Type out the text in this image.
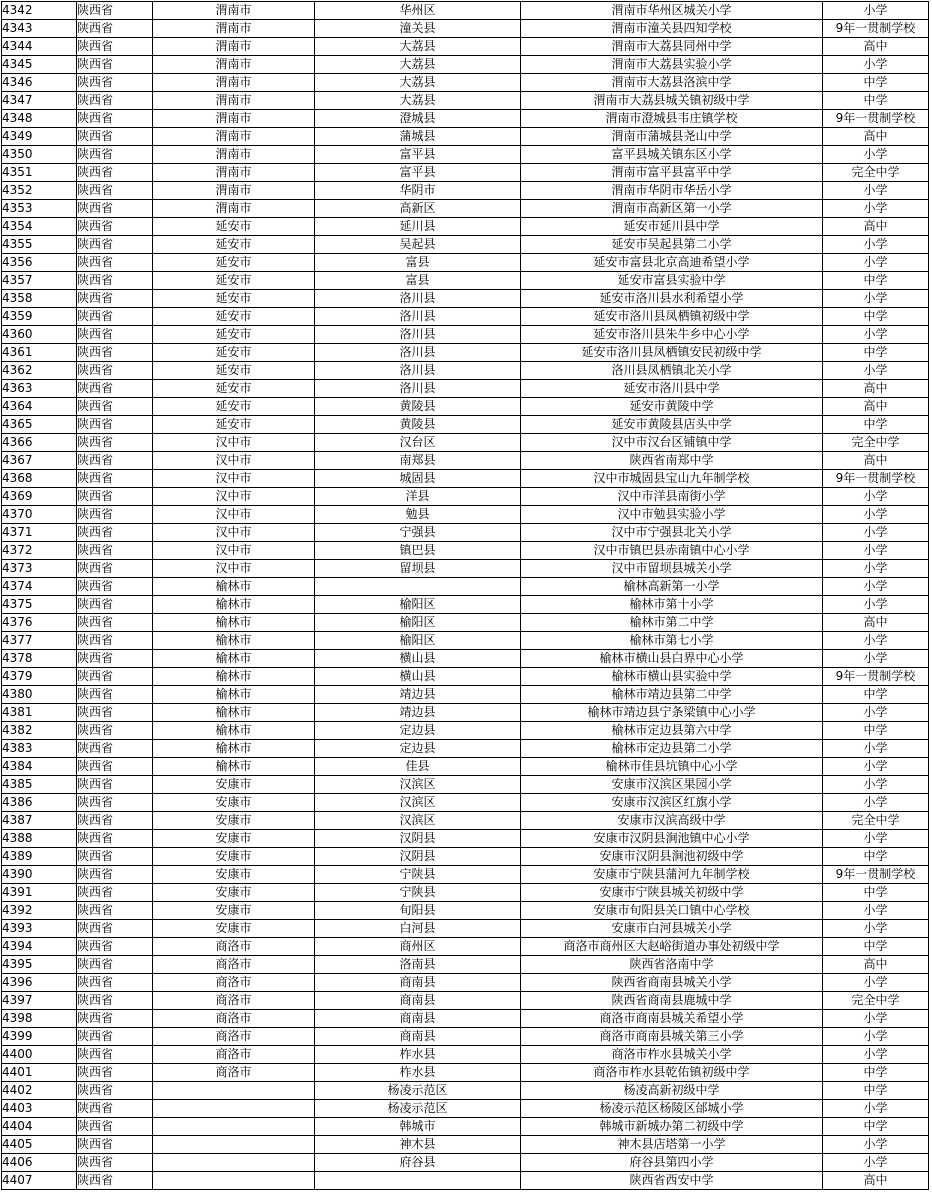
4342	陕西省	渭南市	华州区	渭南市华州区城关小学	小学
4343	陕西省	渭南市	潼关县	渭南市潼关县四知学校	9年一贯制学校
4344	陕西省	渭南市	大荔县	渭南市大荔县同州中学	高中
4345	陕西省	渭南市	大荔县	渭南市大荔县实验小学	小学
4346	陕西省	渭南市	大荔县	渭南市大荔县洛滨中学	中学
4347	陕西省	渭南市	大荔县	渭南市大荔县城关镇初级中学	中学
4348	陕西省	渭南市	澄城县	渭南市澄城县韦庄镇学校	9年一贯制学校
4349	陕西省	渭南市	蒲城县	渭南市蒲城县尧山中学	高中
4350	陕西省	渭南市	富平县	富平县城关镇东区小学	小学
4351	陕西省	渭南市	富平县	渭南市富平县富平中学	完全中学
4352	陕西省	渭南市	华阴市	渭南市华阴市华岳小学	小学
4353	陕西省	渭南市	高新区	渭南市高新区第一小学	小学
4354	陕西省	延安市	延川县	延安市延川县中学	高中
4355	陕西省	延安市	吴起县	延安市吴起县第二小学	小学
4356	陕西省	延安市	富县	延安市富县北京高迪希望小学	小学
4357	陕西省	延安市	富县	延安市富县实验中学	中学
4358	陕西省	延安市	洛川县	延安市洛川县水利希望小学	小学
4359	陕西省	延安市	洛川县	延安市洛川县凤栖镇初级中学	中学
4360	陕西省	延安市	洛川县	延安市洛川县朱牛乡中心小学	小学
4361	陕西省	延安市	洛川县	延安市洛川县凤栖镇安民初级中学	中学
4362	陕西省	延安市	洛川县	洛川县凤栖镇北关小学	小学
4363	陕西省	延安市	洛川县	延安市洛川县中学	高中
4364	陕西省	延安市	黄陵县	延安市黄陵中学	高中
4365	陕西省	延安市	黄陵县	延安市黄陵县店头中学	中学
4366	陕西省	汉中市	汉台区	汉中市汉台区铺镇中学	完全中学
4367	陕西省	汉中市	南郑县	陕西省南郑中学	高中
4368	陕西省	汉中市	城固县	汉中市城固县宝山九年制学校	9年一贯制学校
4369	陕西省	汉中市	洋县	汉中市洋县南街小学	小学
4370	陕西省	汉中市	勉县	汉中市勉县实验小学	小学
4371	陕西省	汉中市	宁强县	汉中市宁强县北关小学	小学
4372	陕西省	汉中市	镇巴县	汉中市镇巴县赤南镇中心小学	小学
4373	陕西省	汉中市	留坝县	汉中市留坝县城关小学	小学
4374	陕西省	榆林市		榆林高新第一小学	小学
4375	陕西省	榆林市	榆阳区	榆林市第十小学	小学
4376	陕西省	榆林市	榆阳区	榆林市第二中学	高中
4377	陕西省	榆林市	榆阳区	榆林市第七小学	小学
4378	陕西省	榆林市	横山县	榆林市横山县白界中心小学	小学
4379	陕西省	榆林市	横山县	榆林市横山县实验中学	9年一贯制学校
4380	陕西省	榆林市	靖边县	榆林市靖边县第二中学	中学
4381	陕西省	榆林市	靖边县	榆林市靖边县宁条梁镇中心小学	小学
4382	陕西省	榆林市	定边县	榆林市定边县第六中学	中学
4383	陕西省	榆林市	定边县	榆林市定边县第二小学	小学
4384	陕西省	榆林市	佳县	榆林市佳县坑镇中心小学	小学
4385	陕西省	安康市	汉滨区	安康市汉滨区果园小学	小学
4386	陕西省	安康市	汉滨区	安康市汉滨区红旗小学	小学
4387	陕西省	安康市	汉滨区	安康市汉滨高级中学	完全中学
4388	陕西省	安康市	汉阴县	安康市汉阴县涧池镇中心小学	小学
4389	陕西省	安康市	汉阴县	安康市汉阴县涧池初级中学	中学
4390	陕西省	安康市	宁陕县	安康市宁陕县蒲河九年制学校	9年一贯制学校
4391	陕西省	安康市	宁陕县	安康市宁陕县城关初级中学	中学
4392	陕西省	安康市	旬阳县	安康市旬阳县关口镇中心学校	小学
4393	陕西省	安康市	白河县	安康市白河县城关小学	小学
4394	陕西省	商洛市	商州区	商洛市商州区大赵峪街道办事处初级中学	中学
4395	陕西省	商洛市	洛南县	陕西省洛南中学	高中
4396	陕西省	商洛市	商南县	陕西省商南县城关小学	小学
4397	陕西省	商洛市	商南县	陕西省商南县鹿城中学	完全中学
4398	陕西省	商洛市	商南县	商洛市商南县城关希望小学	小学
4399	陕西省	商洛市	商南县	商洛市商南县城关第三小学	小学
4400	陕西省	商洛市	柞水县	商洛市柞水县城关小学	小学
4401	陕西省	商洛市	柞水县	商洛市柞水县乾佑镇初级中学	中学
4402	陕西省		杨凌示范区	杨凌高新初级中学	中学
4403	陕西省		杨凌示范区	杨凌示范区杨陵区邰城小学	小学
4404	陕西省		韩城市	韩城市新城办第二初级中学	中学
4405	陕西省		神木县	神木县店塔第一小学	小学
4406	陕西省		府谷县	府谷县第四小学	小学
4407	陕西省			陕西省西安中学	高中
